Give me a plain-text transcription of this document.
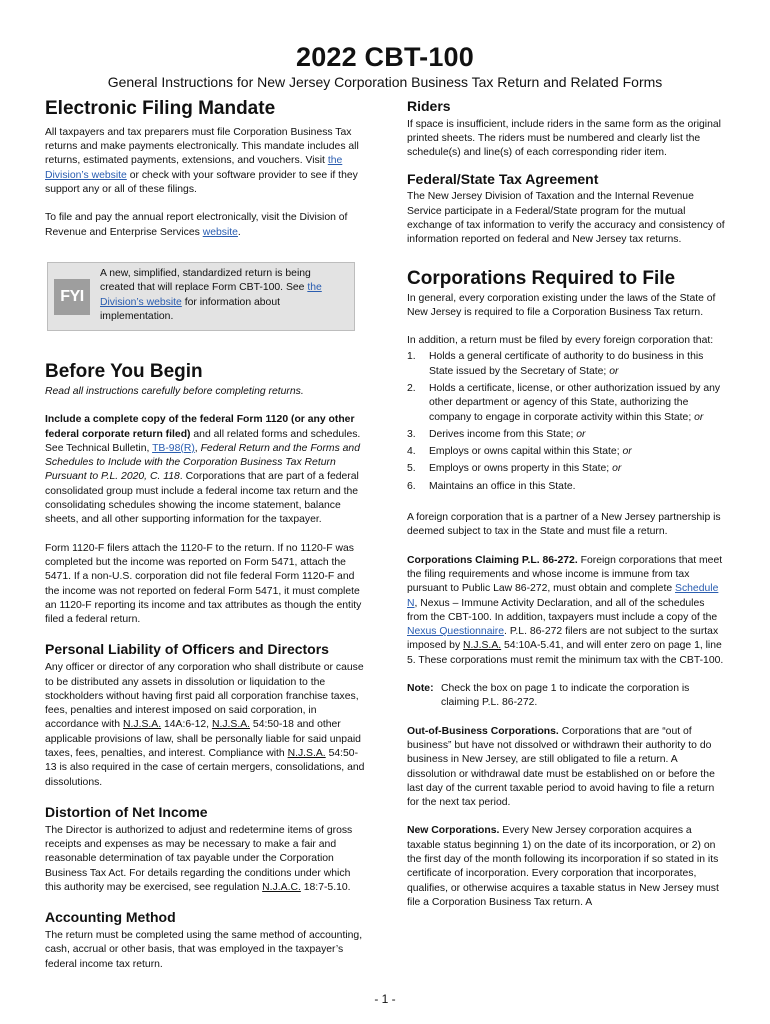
2022 CBT-100
General Instructions for New Jersey Corporation Business Tax Return and Related Forms
Electronic Filing Mandate

All taxpayers and tax preparers must file Corporation Business Tax returns and make payments electronically. This mandate includes all returns, estimated payments, extensions, and vouchers. Visit the Division’s website or check with your software provider to see if they support any or all of these filings.

To file and pay the annual report electronically, visit the Division of Revenue and Enterprise Services website.

FYI

A new, simplified, standardized return is being created that will replace Form CBT-100. See the Division’s website for information about implementation.

Before You Begin

Read all instructions carefully before completing returns.

Include a complete copy of the federal Form 1120 (or any other federal corporate return filed) and all related forms and schedules. See Technical Bulletin, TB-98(R), Federal Return and the Forms and Schedules to Include with the Corporation Business Tax Return Pursuant to P.L. 2020, C. 118. Corporations that are part of a federal consolidated group must include a federal income tax return and the consolidating schedules showing the income statement, balance sheets, and all other supporting information for the taxpayer.

Form 1120-F filers attach the 1120-F to the return. If no 1120-F was completed but the income was reported on Form 5471, attach the 5471. If a non-U.S. corporation did not file federal Form 1120-F and the income was not reported on federal Form 5471, it must complete an 1120-F reporting its income and tax attributes as though the entity filed a federal return.

Personal Liability of Officers and Directors

Any officer or director of any corporation who shall distribute or cause to be distributed any assets in dissolution or liquidation to the stockholders without having first paid all corporation franchise taxes, fees, penalties and interest imposed on said corporation, in accordance with N.J.S.A. 14A:6-12, N.J.S.A. 54:50-18 and other applicable provisions of law, shall be personally liable for said unpaid taxes, fees, penalties, and interest. Compliance with N.J.S.A. 54:50-13 is also required in the case of certain mergers, consolidations, and dissolutions.

Distortion of Net Income

The Director is authorized to adjust and redetermine items of gross receipts and expenses as may be necessary to make a fair and reasonable determination of tax payable under the Corporation Business Tax Act. For details regarding the conditions under which this authority may be exercised, see regulation N.J.A.C. 18:7-5.10.

Accounting Method

The return must be completed using the same method of accounting, cash, accrual or other basis, that was employed in the taxpayer’s federal income tax return.

Riders

If space is insufficient, include riders in the same form as the original printed sheets. The riders must be numbered and clearly list the schedule(s) and line(s) of each corresponding rider item.

Federal/State Tax Agreement

The New Jersey Division of Taxation and the Internal Revenue Service participate in a Federal/State program for the mutual exchange of tax information to verify the accuracy and consistency of information reported on federal and New Jersey tax returns.

Corporations Required to File

In general, every corporation existing under the laws of the State of New Jersey is required to file a Corporation Business Tax return.

In addition, a return must be filed by every foreign corporation that:

1.	Holds a general certificate of authority to do business in this State issued by the Secretary of State; or
2.	Holds a certificate, license, or other authorization issued by any other department or agency of this State, authorizing the company to engage in corporate activity within this State; or
3.	Derives income from this State; or
4.	Employs or owns capital within this State; or
5.	Employs or owns property in this State; or
6.	Maintains an office in this State.

A foreign corporation that is a partner of a New Jersey partnership is deemed subject to tax in the State and must file a return.

Corporations Claiming P.L. 86-272. Foreign corporations that meet the filing requirements and whose income is immune from tax pursuant to Public Law 86-272, must obtain and complete Schedule N, Nexus – Immune Activity Declaration, and all of the schedules from the CBT-100. In addition, taxpayers must include a copy of the Nexus Questionnaire. P.L. 86-272 filers are not subject to the surtax imposed by N.J.S.A. 54:10A-5.41, and will enter zero on page 1, line 5. These corporations must remit the minimum tax with the CBT-100.

Note: Check the box on page 1 to indicate the corporation is claiming P.L. 86-272.

Out-of-Business Corporations. Corporations that are “out of business” but have not dissolved or withdrawn their authority to do business in New Jersey, are still obligated to file a return. A dissolution or withdrawal date must be established on or before the last day of the current taxable period to avoid having to file a return for the next tax period.

New Corporations. Every New Jersey corporation acquires a taxable status beginning 1) on the date of its incorporation, or 2) on the first day of the month following its incorporation if so stated in its certificate of incorporation. Every corporation that incorporates, qualifies, or otherwise acquires a taxable status in New Jersey must file a Corporation Business Tax return. A

- 1 -
